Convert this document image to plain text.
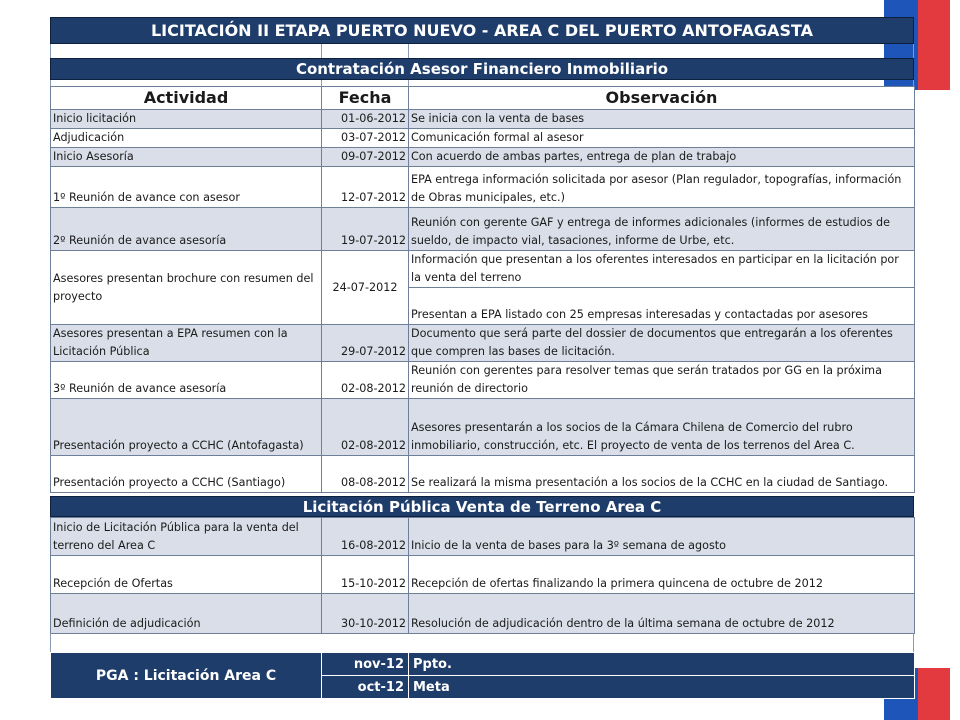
LICITACIÓN II ETAPA PUERTO NUEVO - AREA C DEL PUERTO ANTOFAGASTA
Contratación Asesor Financiero Inmobiliario
Actividad	Fecha	Observación
Inicio licitación	01-06-2012	Se inicia con la venta de bases
Adjudicación	03-07-2012	Comunicación formal al asesor
Inicio Asesoría	09-07-2012	Con acuerdo de ambas partes, entrega de plan de trabajo
1º Reunión de avance con asesor	12-07-2012	EPA entrega información solicitada por asesor (Plan regulador, topografías, información de Obras municipales, etc.)
2º Reunión de avance asesoría	19-07-2012	Reunión con gerente GAF y entrega de informes adicionales (informes de estudios de sueldo, de impacto vial, tasaciones, informe de Urbe, etc.
Asesores presentan brochure con resumen del proyecto	24-07-2012	Información que presentan a los oferentes interesados en participar en la licitación por la venta del terreno
		Presentan a EPA listado con 25 empresas interesadas y contactadas por asesores
Asesores presentan a EPA resumen con la Licitación Pública	29-07-2012	Documento que será parte del dossier de documentos que entregarán a los oferentes que compren las bases de licitación.
3º Reunión de avance asesoría	02-08-2012	Reunión con gerentes para resolver temas que serán tratados por GG en la próxima reunión de directorio
Presentación proyecto a CCHC (Antofagasta)	02-08-2012	Asesores presentarán a los socios de la Cámara Chilena de Comercio del rubro inmobiliario, construcción, etc. El proyecto de venta de los terrenos del Area C.
Presentación proyecto a CCHC (Santiago)	08-08-2012	Se realizará la misma presentación a los socios de la CCHC en la ciudad de Santiago.
Licitación Pública Venta de Terreno Area C
Inicio de Licitación Pública para la venta del terreno del Area C	16-08-2012	Inicio de la venta de bases para la 3º semana de agosto
Recepción de Ofertas	15-10-2012	Recepción de ofertas finalizando la primera quincena de octubre de 2012
Definición de adjudicación	30-10-2012	Resolución de adjudicación dentro de la última semana de octubre de 2012
PGA : Licitación Area C	nov-12	Ppto.
	oct-12	Meta
